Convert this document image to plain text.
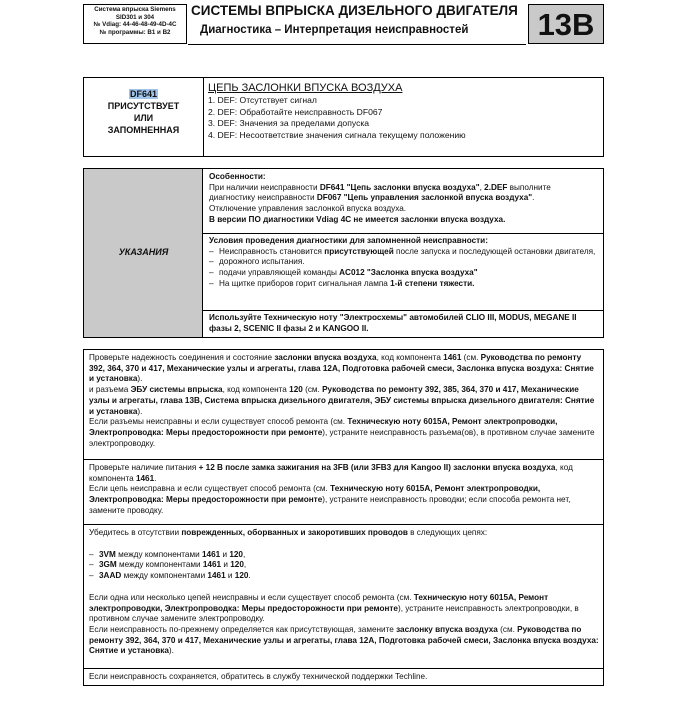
Система впрыска Siemens
SID301 и 304
№ Vdiag: 44-46-48-49-4D-4C
№ программы: B1 и B2
СИСТЕМЫ ВПРЫСКА ДИЗЕЛЬНОГО ДВИГАТЕЛЯ
Диагностика – Интерпретация неисправностей	13B
DF641
ПРИСУТСТВУЕТ
ИЛИ
ЗАПОМНЕННАЯ
ЦЕПЬ ЗАСЛОНКИ ВПУСКА ВОЗДУХА
1. DEF: Отсутствует сигнал
2. DEF: Обработайте неисправность DF067
3. DEF: Значения за пределами допуска
4. DEF: Несоответствие значения сигнала текущему положению
УКАЗАНИЯ

Особенности:

При наличии неисправности DF641 "Цепь заслонки впуска воздуха", 2.DEF выполните диагностику неисправности DF067 "Цепь управления заслонкой впуска воздуха".

Отключение управления заслонкой впуска воздуха.

В версии ПО диагностики Vdiag 4C не имеется заслонки впуска воздуха.

Условия проведения диагностики для запомненной неисправности:

– Неисправность становится присутствующей после запуска и последующей остановки двигателя,
– дорожного испытания.
– подачи управляющей команды AC012 "Заслонка впуска воздуха"
– На щитке приборов горит сигнальная лампа 1-й степени тяжести.

Используйте Техническую ноту "Электросхемы" автомобилей CLIO III, MODUS, MEGANE II фазы 2, SCENIC II фазы 2 и KANGOO II.

Проверьте надежность соединения и состояние заслонки впуска воздуха, код компонента 1461 (см. Руководства по ремонту 392, 364, 370 и 417, Механические узлы и агрегаты, глава 12A, Подготовка рабочей смеси, Заслонка впуска воздуха: Снятие и установка).

и разъема ЭБУ системы впрыска, код компонента 120 (см. Руководства по ремонту 392, 385, 364, 370 и 417, Механические узлы и агрегаты, глава 13B, Система впрыска дизельного двигателя, ЭБУ системы впрыска дизельного двигателя: Снятие и установка).

Если разъемы неисправны и если существует способ ремонта (см. Техническую ноту 6015A, Ремонт электропроводки, Электропроводка: Меры предосторожности при ремонте), устраните неисправность разъема(ов), в противном случае замените электропроводку.

Проверьте наличие питания + 12 В после замка зажигания на 3FB (или 3FB3 для Kangoo II) заслонки впуска воздуха, код компонента 1461.

Если цепь неисправна и если существует способ ремонта (см. Техническую ноту 6015A, Ремонт электропроводки, Электропроводка: Меры предосторожности при ремонте), устраните неисправность проводки; если способа ремонта нет, замените проводку.

Убедитесь в отсутствии поврежденных, оборванных и закоротивших проводов в следующих цепях:

– 3VM между компонентами 1461 и 120,
– 3GM между компонентами 1461 и 120,
– 3AAD между компонентами 1461 и 120.

Если одна или несколько цепей неисправны и если существует способ ремонта (см. Техническую ноту 6015A, Ремонт электропроводки, Электропроводка: Меры предосторожности при ремонте), устраните неисправность электропроводки, в противном случае замените электропроводку.

Если неисправность по-прежнему определяется как присутствующая, замените заслонку впуска воздуха (см. Руководства по ремонту 392, 364, 370 и 417, Механические узлы и агрегаты, глава 12A, Подготовка рабочей смеси, Заслонка впуска воздуха: Снятие и установка).

Если неисправность сохраняется, обратитесь в службу технической поддержки Techline.
